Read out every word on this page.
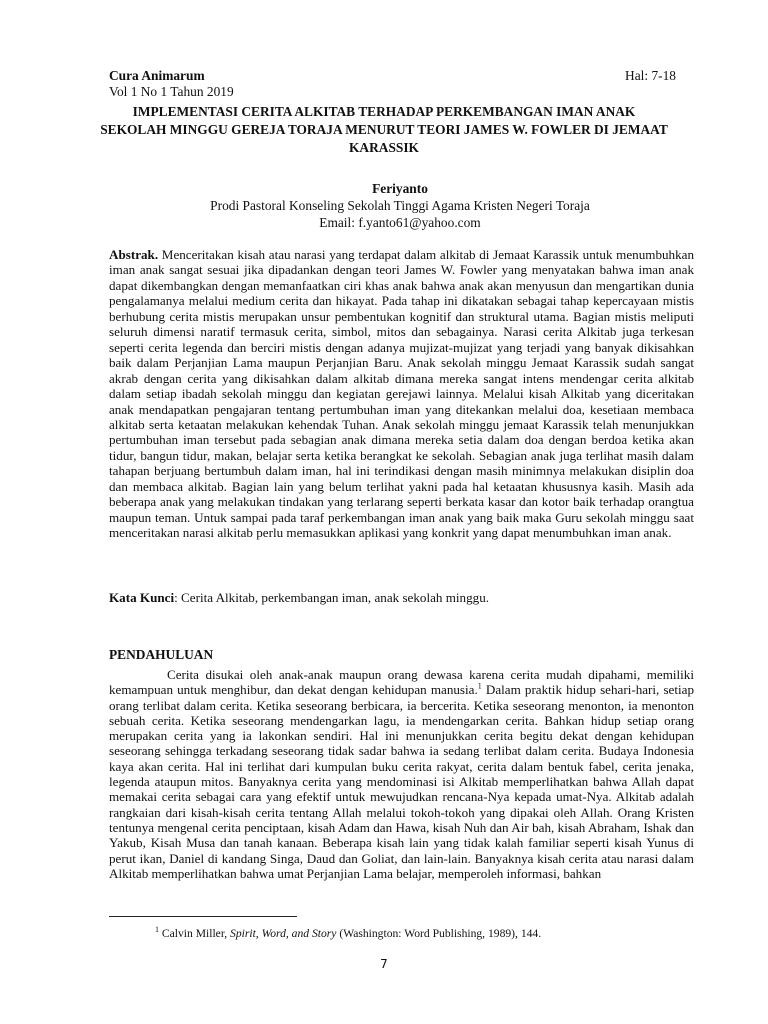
Cura Animarum
Vol 1 No 1 Tahun 2019
Hal: 7-18
IMPLEMENTASI CERITA ALKITAB TERHADAP PERKEMBANGAN IMAN ANAK SEKOLAH MINGGU GEREJA TORAJA MENURUT TEORI JAMES W. FOWLER DI JEMAAT KARASSIK
Feriyanto
Prodi Pastoral Konseling Sekolah Tinggi Agama Kristen Negeri Toraja
Email: f.yanto61@yahoo.com
Abstrak. Menceritakan kisah atau narasi yang terdapat dalam alkitab di Jemaat Karassik untuk menumbuhkan iman anak sangat sesuai jika dipadankan dengan teori James W. Fowler yang menyatakan bahwa iman anak dapat dikembangkan dengan memanfaatkan ciri khas anak bahwa anak akan menyusun dan mengartikan dunia pengalamanya melalui medium cerita dan hikayat. Pada tahap ini dikatakan sebagai tahap kepercayaan mistis berhubung cerita mistis merupakan unsur pembentukan kognitif dan struktural utama. Bagian mistis meliputi seluruh dimensi naratif termasuk cerita, simbol, mitos dan sebagainya. Narasi cerita Alkitab juga terkesan seperti cerita legenda dan berciri mistis dengan adanya mujizat-mujizat yang terjadi yang banyak dikisahkan baik dalam Perjanjian Lama maupun Perjanjian Baru. Anak sekolah minggu Jemaat Karassik sudah sangat akrab dengan cerita yang dikisahkan dalam alkitab dimana mereka sangat intens mendengar cerita alkitab dalam setiap ibadah sekolah minggu dan kegiatan gerejawi lainnya. Melalui kisah Alkitab yang diceritakan anak mendapatkan pengajaran tentang pertumbuhan iman yang ditekankan melalui doa, kesetiaan membaca alkitab serta ketaatan melakukan kehendak Tuhan. Anak sekolah minggu jemaat Karassik telah menunjukkan pertumbuhan iman tersebut pada sebagian anak dimana mereka setia dalam doa dengan berdoa ketika akan tidur, bangun tidur, makan, belajar serta ketika berangkat ke sekolah. Sebagian anak juga terlihat masih dalam tahapan berjuang bertumbuh dalam iman, hal ini terindikasi dengan masih minimnya melakukan disiplin doa dan membaca alkitab. Bagian lain yang belum terlihat yakni pada hal ketaatan khususnya kasih. Masih ada beberapa anak yang melakukan tindakan yang terlarang seperti berkata kasar dan kotor baik terhadap orangtua maupun teman. Untuk sampai pada taraf perkembangan iman anak yang baik maka Guru sekolah minggu saat menceritakan narasi alkitab perlu memasukkan aplikasi yang konkrit yang dapat menumbuhkan iman anak.
Kata Kunci: Cerita Alkitab, perkembangan iman, anak sekolah minggu.
PENDAHULUAN
Cerita disukai oleh anak-anak maupun orang dewasa karena cerita mudah dipahami, memiliki kemampuan untuk menghibur, dan dekat dengan kehidupan manusia.$^1$ Dalam praktik hidup sehari-hari, setiap orang terlibat dalam cerita. Ketika seseorang berbicara, ia bercerita. Ketika seseorang menonton, ia menonton sebuah cerita. Ketika seseorang mendengarkan lagu, ia mendengarkan cerita. Bahkan hidup setiap orang merupakan cerita yang ia lakonkan sendiri. Hal ini menunjukkan cerita begitu dekat dengan kehidupan seseorang sehingga terkadang seseorang tidak sadar bahwa ia sedang terlibat dalam cerita. Budaya Indonesia kaya akan cerita. Hal ini terlihat dari kumpulan buku cerita rakyat, cerita dalam bentuk fabel, cerita jenaka, legenda ataupun mitos. Banyaknya cerita yang mendominasi isi Alkitab memperlihatkan bahwa Allah dapat memakai cerita sebagai cara yang efektif untuk mewujudkan rencana-Nya kepada umat-Nya. Alkitab adalah rangkaian dari kisah-kisah cerita tentang Allah melalui tokoh-tokoh yang dipakai oleh Allah. Orang Kristen tentunya mengenal cerita penciptaan, kisah Adam dan Hawa, kisah Nuh dan Air bah, kisah Abraham, Ishak dan Yakub, Kisah Musa dan tanah kanaan. Beberapa kisah lain yang tidak kalah familiar seperti kisah Yunus di perut ikan, Daniel di kandang Singa, Daud dan Goliat, dan lain-lain. Banyaknya kisah cerita atau narasi dalam Alkitab memperlihatkan bahwa umat Perjanjian Lama belajar, memperoleh informasi, bahkan
$^1$ Calvin Miller, Spirit, Word, and Story (Washington: Word Publishing, 1989), 144.
7
